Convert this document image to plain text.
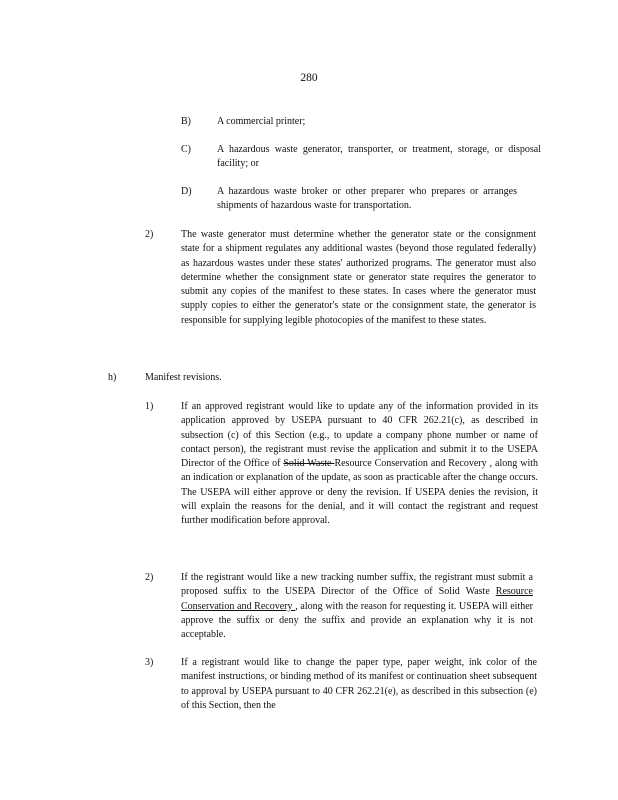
280
B)	A commercial printer;
C)	A hazardous waste generator, transporter, or treatment, storage, or disposal facility; or
D)	A hazardous waste broker or other preparer who prepares or arranges shipments of hazardous waste for transportation.
2)	The waste generator must determine whether the generator state or the consignment state for a shipment regulates any additional wastes (beyond those regulated federally) as hazardous wastes under these states' authorized programs. The generator must also determine whether the consignment state or generator state requires the generator to submit any copies of the manifest to these states. In cases where the generator must supply copies to either the generator's state or the consignment state, the generator is responsible for supplying legible photocopies of the manifest to these states.
h)	Manifest revisions.
1)	If an approved registrant would like to update any of the information provided in its application approved by USEPA pursuant to 40 CFR 262.21(c), as described in subsection (c) of this Section (e.g., to update a company phone number or name of contact person), the registrant must revise the application and submit it to the USEPA Director of the Office of Solid Waste Resource Conservation and Recovery , along with an indication or explanation of the update, as soon as practicable after the change occurs. The USEPA will either approve or deny the revision. If USEPA denies the revision, it will explain the reasons for the denial, and it will contact the registrant and request further modification before approval.
2)	If the registrant would like a new tracking number suffix, the registrant must submit a proposed suffix to the USEPA Director of the Office of Solid Waste Resource Conservation and Recovery , along with the reason for requesting it. USEPA will either approve the suffix or deny the suffix and provide an explanation why it is not acceptable.
3)	If a registrant would like to change the paper type, paper weight, ink color of the manifest instructions, or binding method of its manifest or continuation sheet subsequent to approval by USEPA pursuant to 40 CFR 262.21(e), as described in this subsection (e) of this Section, then the
